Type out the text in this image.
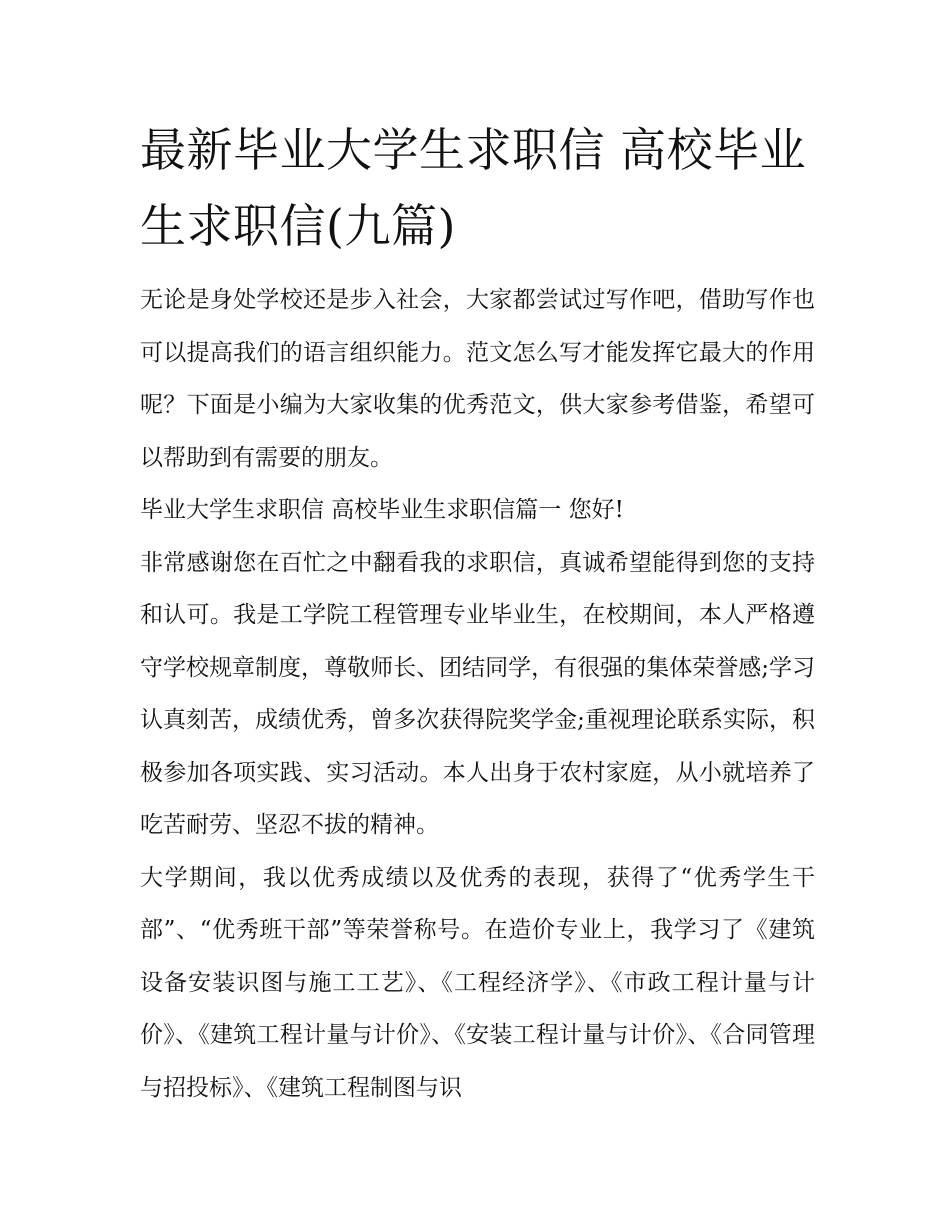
最新毕业大学生求职信 高校毕业生求职信(九篇)

无论是身处学校还是步入社会，大家都尝试过写作吧，借助写作也可以提高我们的语言组织能力。范文怎么写才能发挥它最大的作用呢？下面是小编为大家收集的优秀范文，供大家参考借鉴，希望可以帮助到有需要的朋友。

毕业大学生求职信 高校毕业生求职信篇一 您好!

非常感谢您在百忙之中翻看我的求职信，真诚希望能得到您的支持和认可。我是工学院工程管理专业毕业生，在校期间，本人严格遵守学校规章制度，尊敬师长、团结同学，有很强的集体荣誉感;学习认真刻苦，成绩优秀，曾多次获得院奖学金;重视理论联系实际，积极参加各项实践、实习活动。本人出身于农村家庭，从小就培养了吃苦耐劳、坚忍不拔的精神。

大学期间，我以优秀成绩以及优秀的表现，获得了“优秀学生干部”、“优秀班干部”等荣誉称号。在造价专业上，我学习了《建筑设备安装识图与施工工艺》、《工程经济学》、《市政工程计量与计价》、《建筑工程计量与计价》、《安装工程计量与计价》、《合同管理与招投标》、《建筑工程制图与识
